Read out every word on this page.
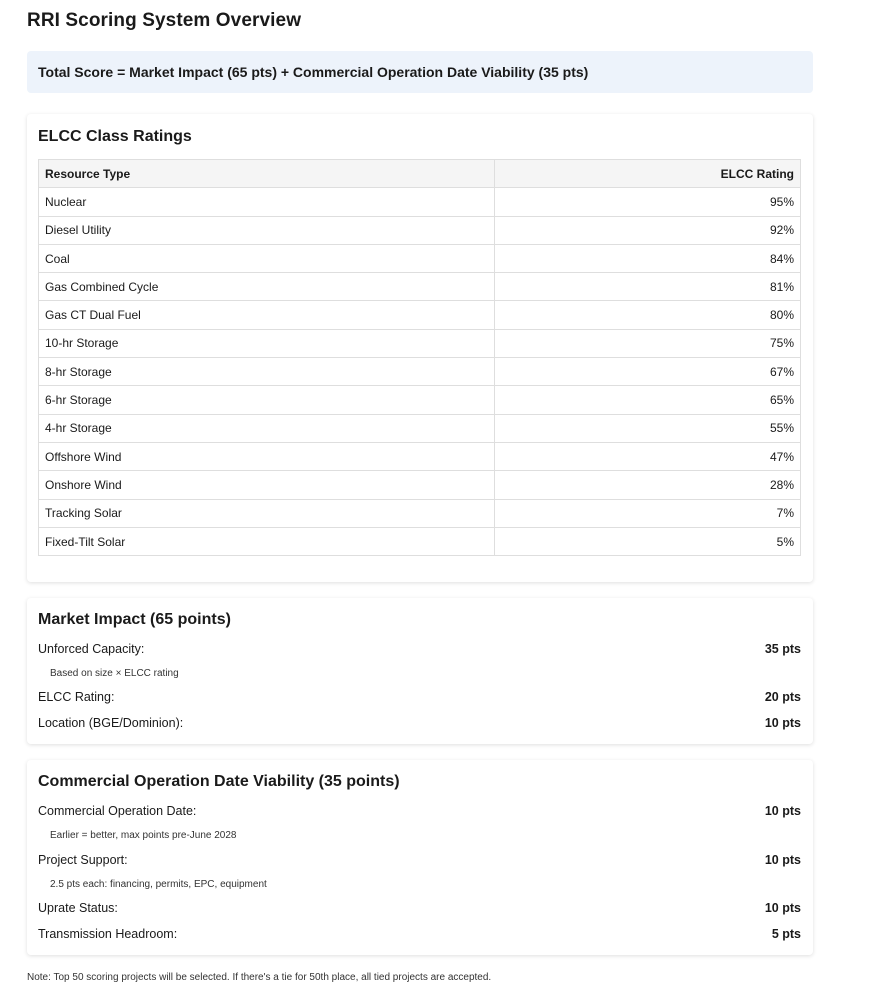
RRI Scoring System Overview
Total Score = Market Impact (65 pts) + Commercial Operation Date Viability (35 pts)
ELCC Class Ratings
Resource Type	ELCC Rating
Nuclear	95%
Diesel Utility	92%
Coal	84%
Gas Combined Cycle	81%
Gas CT Dual Fuel	80%
10-hr Storage	75%
8-hr Storage	67%
6-hr Storage	65%
4-hr Storage	55%
Offshore Wind	47%
Onshore Wind	28%
Tracking Solar	7%
Fixed-Tilt Solar	5%
Market Impact (65 points)
Unforced Capacity:	35 pts
Based on size × ELCC rating
ELCC Rating:	20 pts
Location (BGE/Dominion):	10 pts
Commercial Operation Date Viability (35 points)
Commercial Operation Date:	10 pts
Earlier = better, max points pre-June 2028
Project Support:	10 pts
2.5 pts each: financing, permits, EPC, equipment
Uprate Status:	10 pts
Transmission Headroom:	5 pts
Note: Top 50 scoring projects will be selected. If there's a tie for 50th place, all tied projects are accepted.
